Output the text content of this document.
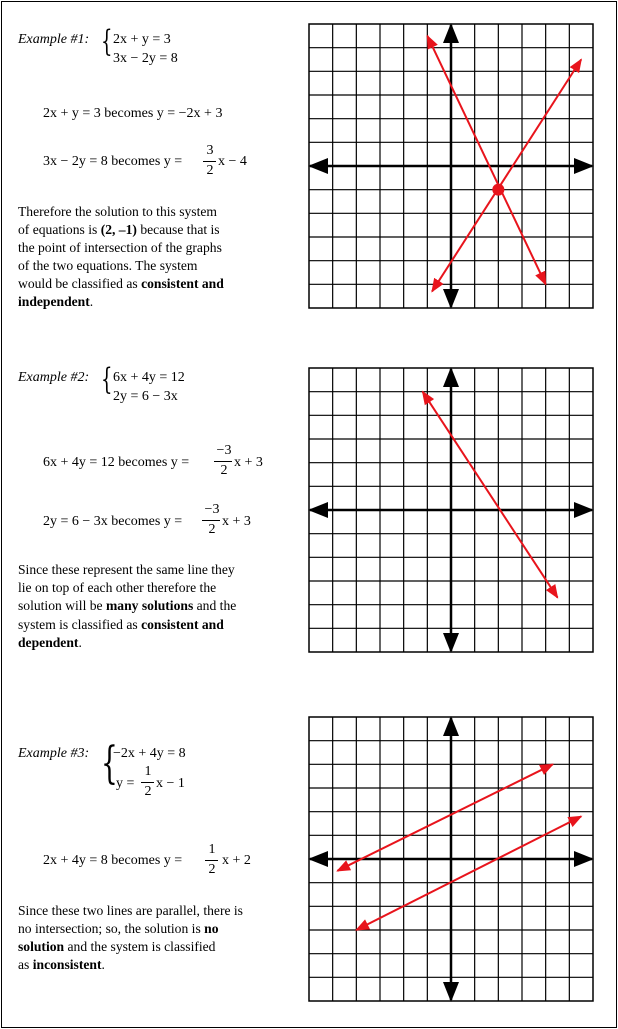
Example #1: { 2x + y = 3
3x − 2y = 8
2x + y = 3 becomes y = −2x + 3
3x − 2y = 8 becomes y =
3
2
x − 4
Therefore the solution to this system
of equations is (2, –1) because that is
the point of intersection of the graphs
of the two equations. The system
would be classified as consistent and
independent.
Example #2: { 6x + 4y = 12
2y = 6 − 3x
6x + 4y = 12 becomes y =
−3
2
x + 3
2y = 6 − 3x becomes y =
−3
2
x + 3
Since these represent the same line they
lie on top of each other therefore the
solution will be many solutions and the
system is classified as consistent and
dependent.
Example #3: {
−2x + 4y = 8
y =
1
2
x − 1
2x + 4y = 8 becomes y =
1
2
x + 2
Since these two lines are parallel, there is
no intersection; so, the solution is no
solution and the system is classified
as inconsistent.
